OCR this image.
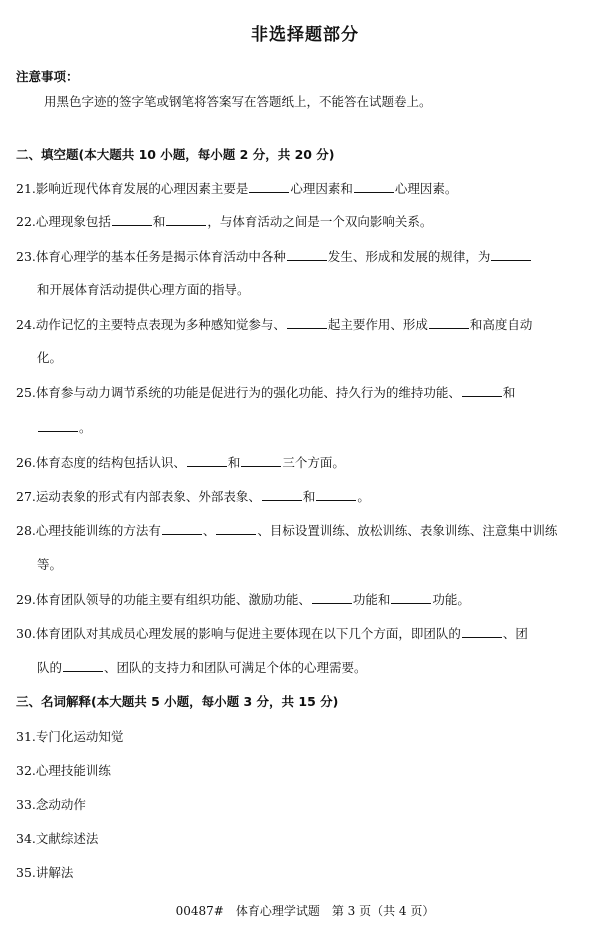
非选择题部分
注意事项：
用黑色字迹的签字笔或钢笔将答案写在答题纸上，不能答在试题卷上。
二、填空题(本大题共 10 小题，每小题 2 分，共 20 分)
21.影响近现代体育发展的心理因素主要是	心理因素和	心理因素。
22.心理现象包括	和	，与体育活动之间是一个双向影响关系。
23.体育心理学的基本任务是揭示体育活动中各种	发生、形成和发展的规律，为
和开展体育活动提供心理方面的指导。
24.动作记忆的主要特点表现为多种感知觉参与、	起主要作用、形成	和高度自动
化。
25.体育参与动力调节系统的功能是促进行为的强化功能、持久行为的维持功能、	和
。
26.体育态度的结构包括认识、	和	三个方面。
27.运动表象的形式有内部表象、外部表象、	和	。
28.心理技能训练的方法有	、	、目标设置训练、放松训练、表象训练、注意集中训练
等。
29.体育团队领导的功能主要有组织功能、激励功能、	功能和	功能。
30.体育团队对其成员心理发展的影响与促进主要体现在以下几个方面，即团队的	、团
队的	、团队的支持力和团队可满足个体的心理需要。
三、名词解释(本大题共 5 小题，每小题 3 分，共 15 分)
31.专门化运动知觉
32.心理技能训练
33.念动动作
34.文献综述法
35.讲解法
00487#　体育心理学试题　第 3 页（共 4 页）
